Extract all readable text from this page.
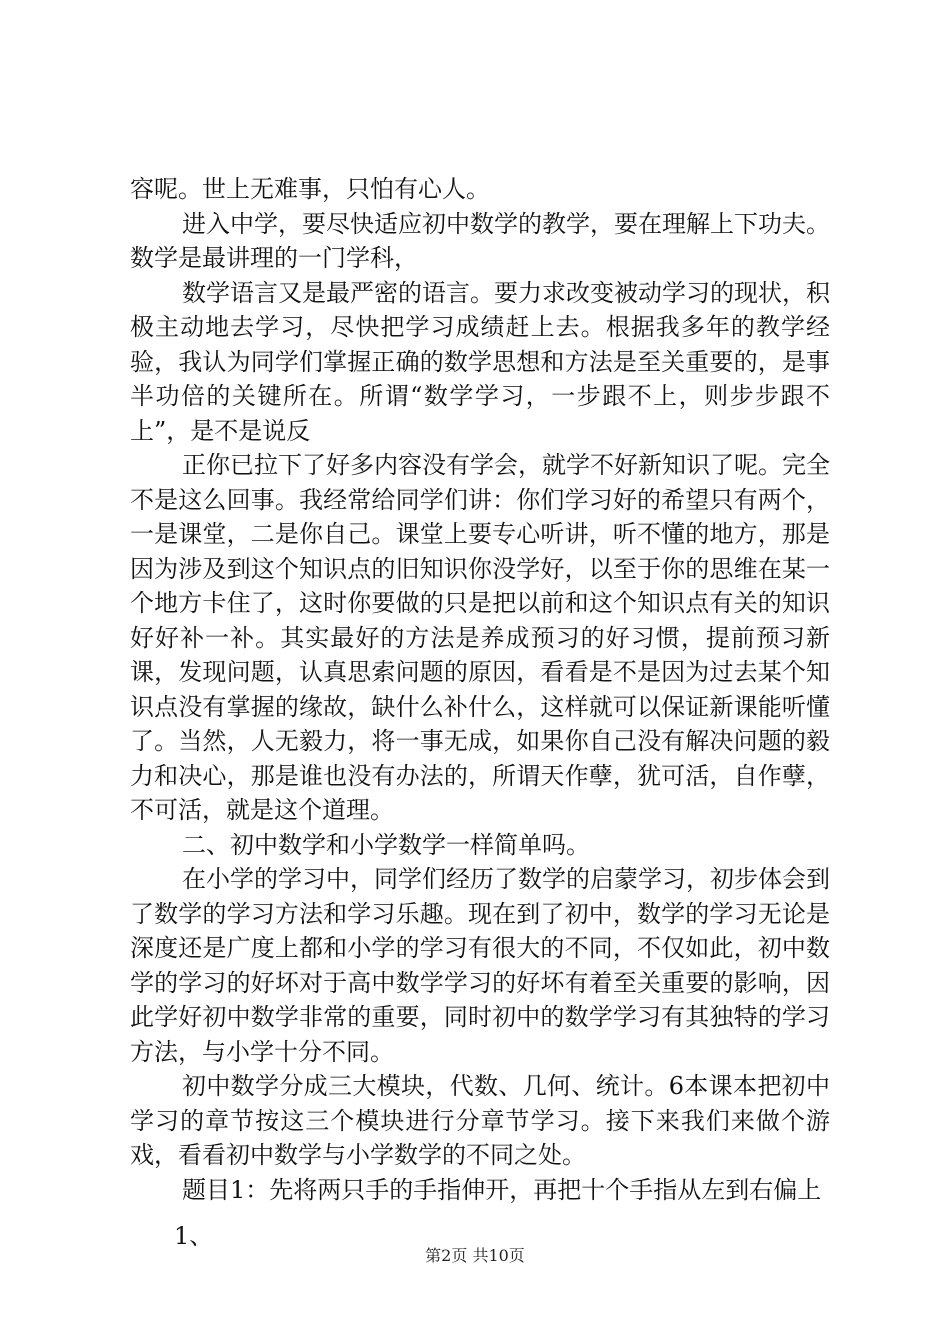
容呢。世上无难事，只怕有心人。

进入中学，要尽快适应初中数学的教学，要在理解上下功夫。数学是最讲理的一门学科，

数学语言又是最严密的语言。要力求改变被动学习的现状，积极主动地去学习，尽快把学习成绩赶上去。根据我多年的教学经验，我认为同学们掌握正确的数学思想和方法是至关重要的，是事半功倍的关键所在。所谓“数学学习，一步跟不上，则步步跟不上”，是不是说反

正你已拉下了好多内容没有学会，就学不好新知识了呢。完全不是这么回事。我经常给同学们讲：你们学习好的希望只有两个，一是课堂，二是你自己。课堂上要专心听讲，听不懂的地方，那是因为涉及到这个知识点的旧知识你没学好，以至于你的思维在某一个地方卡住了，这时你要做的只是把以前和这个知识点有关的知识好好补一补。其实最好的方法是养成预习的好习惯，提前预习新课，发现问题，认真思索问题的原因，看看是不是因为过去某个知识点没有掌握的缘故，缺什么补什么，这样就可以保证新课能听懂了。当然，人无毅力，将一事无成，如果你自己没有解决问题的毅力和决心，那是谁也没有办法的，所谓天作孽，犹可活，自作孽，不可活，就是这个道理。

二、初中数学和小学数学一样简单吗。

在小学的学习中，同学们经历了数学的启蒙学习，初步体会到了数学的学习方法和学习乐趣。现在到了初中，数学的学习无论是深度还是广度上都和小学的学习有很大的不同，不仅如此，初中数学的学习的好坏对于高中数学学习的好坏有着至关重要的影响，因此学好初中数学非常的重要，同时初中的数学学习有其独特的学习方法，与小学十分不同。

初中数学分成三大模块，代数、几何、统计。6本课本把初中学习的章节按这三个模块进行分章节学习。接下来我们来做个游戏，看看初中数学与小学数学的不同之处。

题目1：先将两只手的手指伸开，再把十个手指从左到右偏上

1、

第2页 共10页
